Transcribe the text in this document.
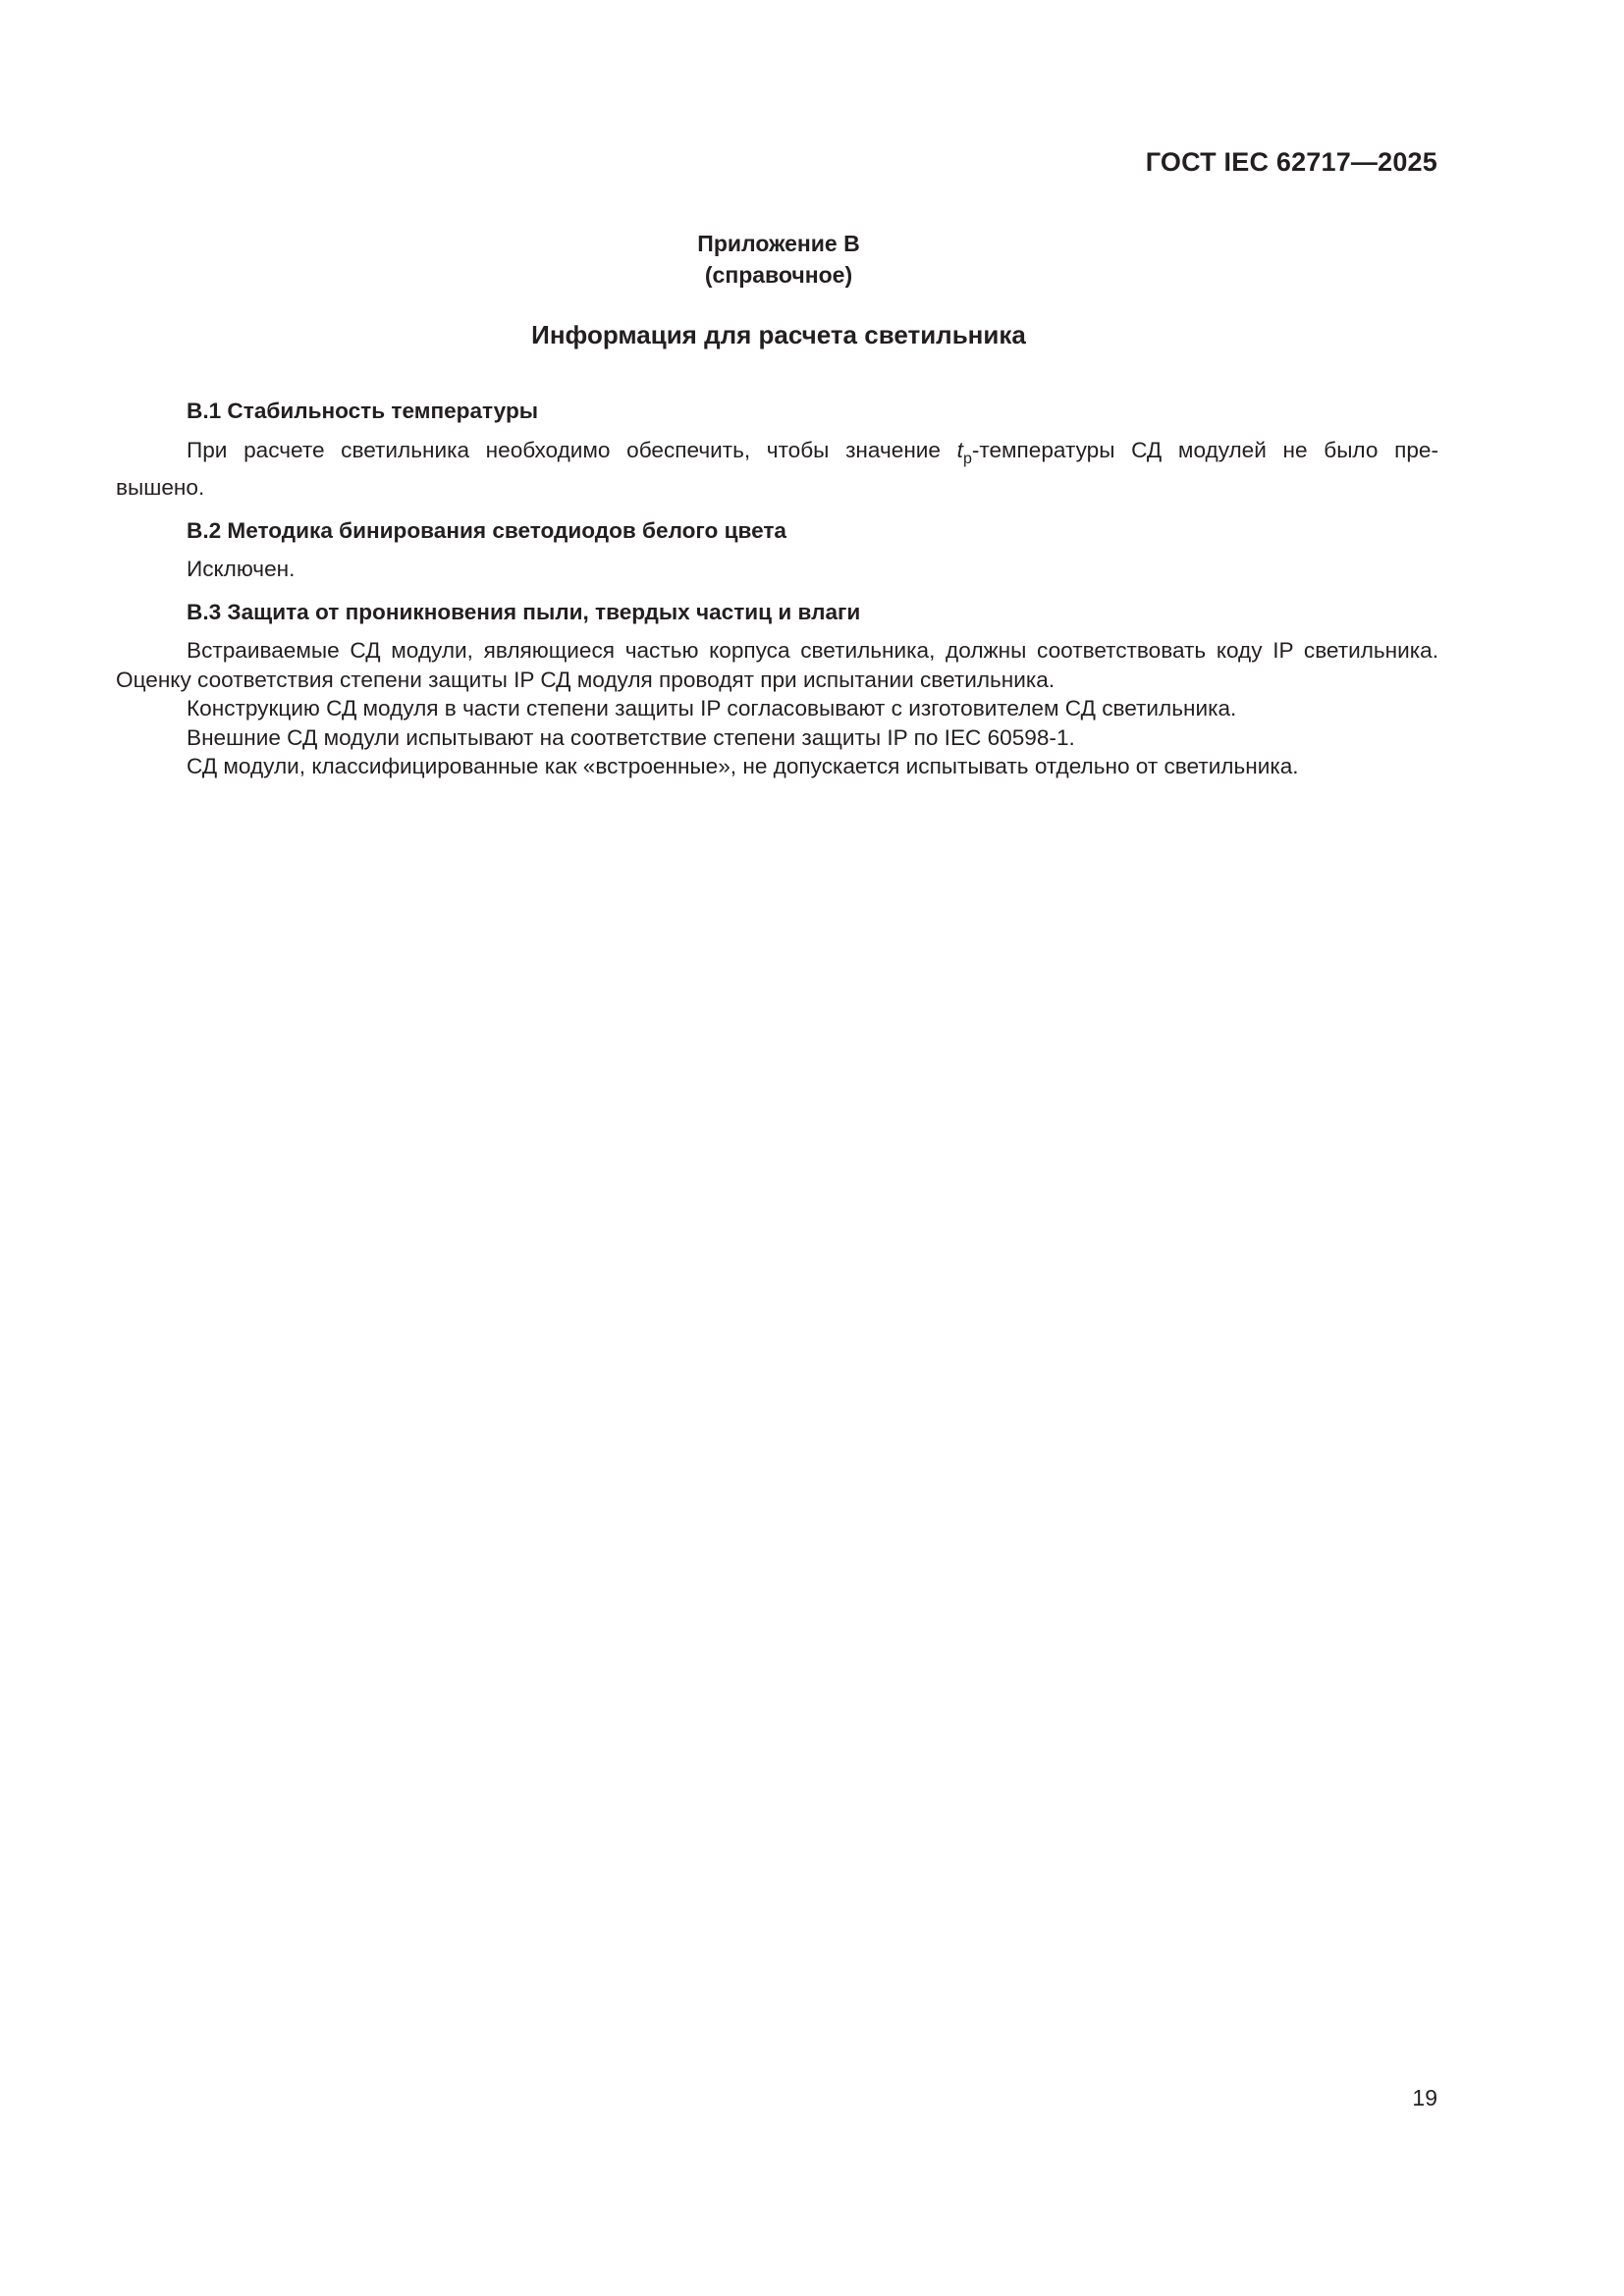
ГОСТ IEC 62717—2025
Приложение В
(справочное)
Информация для расчета светильника

В.1 Стабильность температуры

При расчете светильника необходимо обеспечить, чтобы значение $t_p$-температуры СД модулей не было пре-

вышено.

В.2 Методика бинирования светодиодов белого цвета

Исключен.

В.3 Защита от проникновения пыли, твердых частиц и влаги

Встраиваемые СД модули, являющиеся частью корпуса светильника, должны соответствовать коду IP светильника. Оценку соответствия степени защиты IP СД модуля проводят при испытании светильника.

Конструкцию СД модуля в части степени защиты IP согласовывают с изготовителем СД светильника.

Внешние СД модули испытывают на соответствие степени защиты IP по IEC 60598-1.

СД модули, классифицированные как «встроенные», не допускается испытывать отдельно от светильника.

19
